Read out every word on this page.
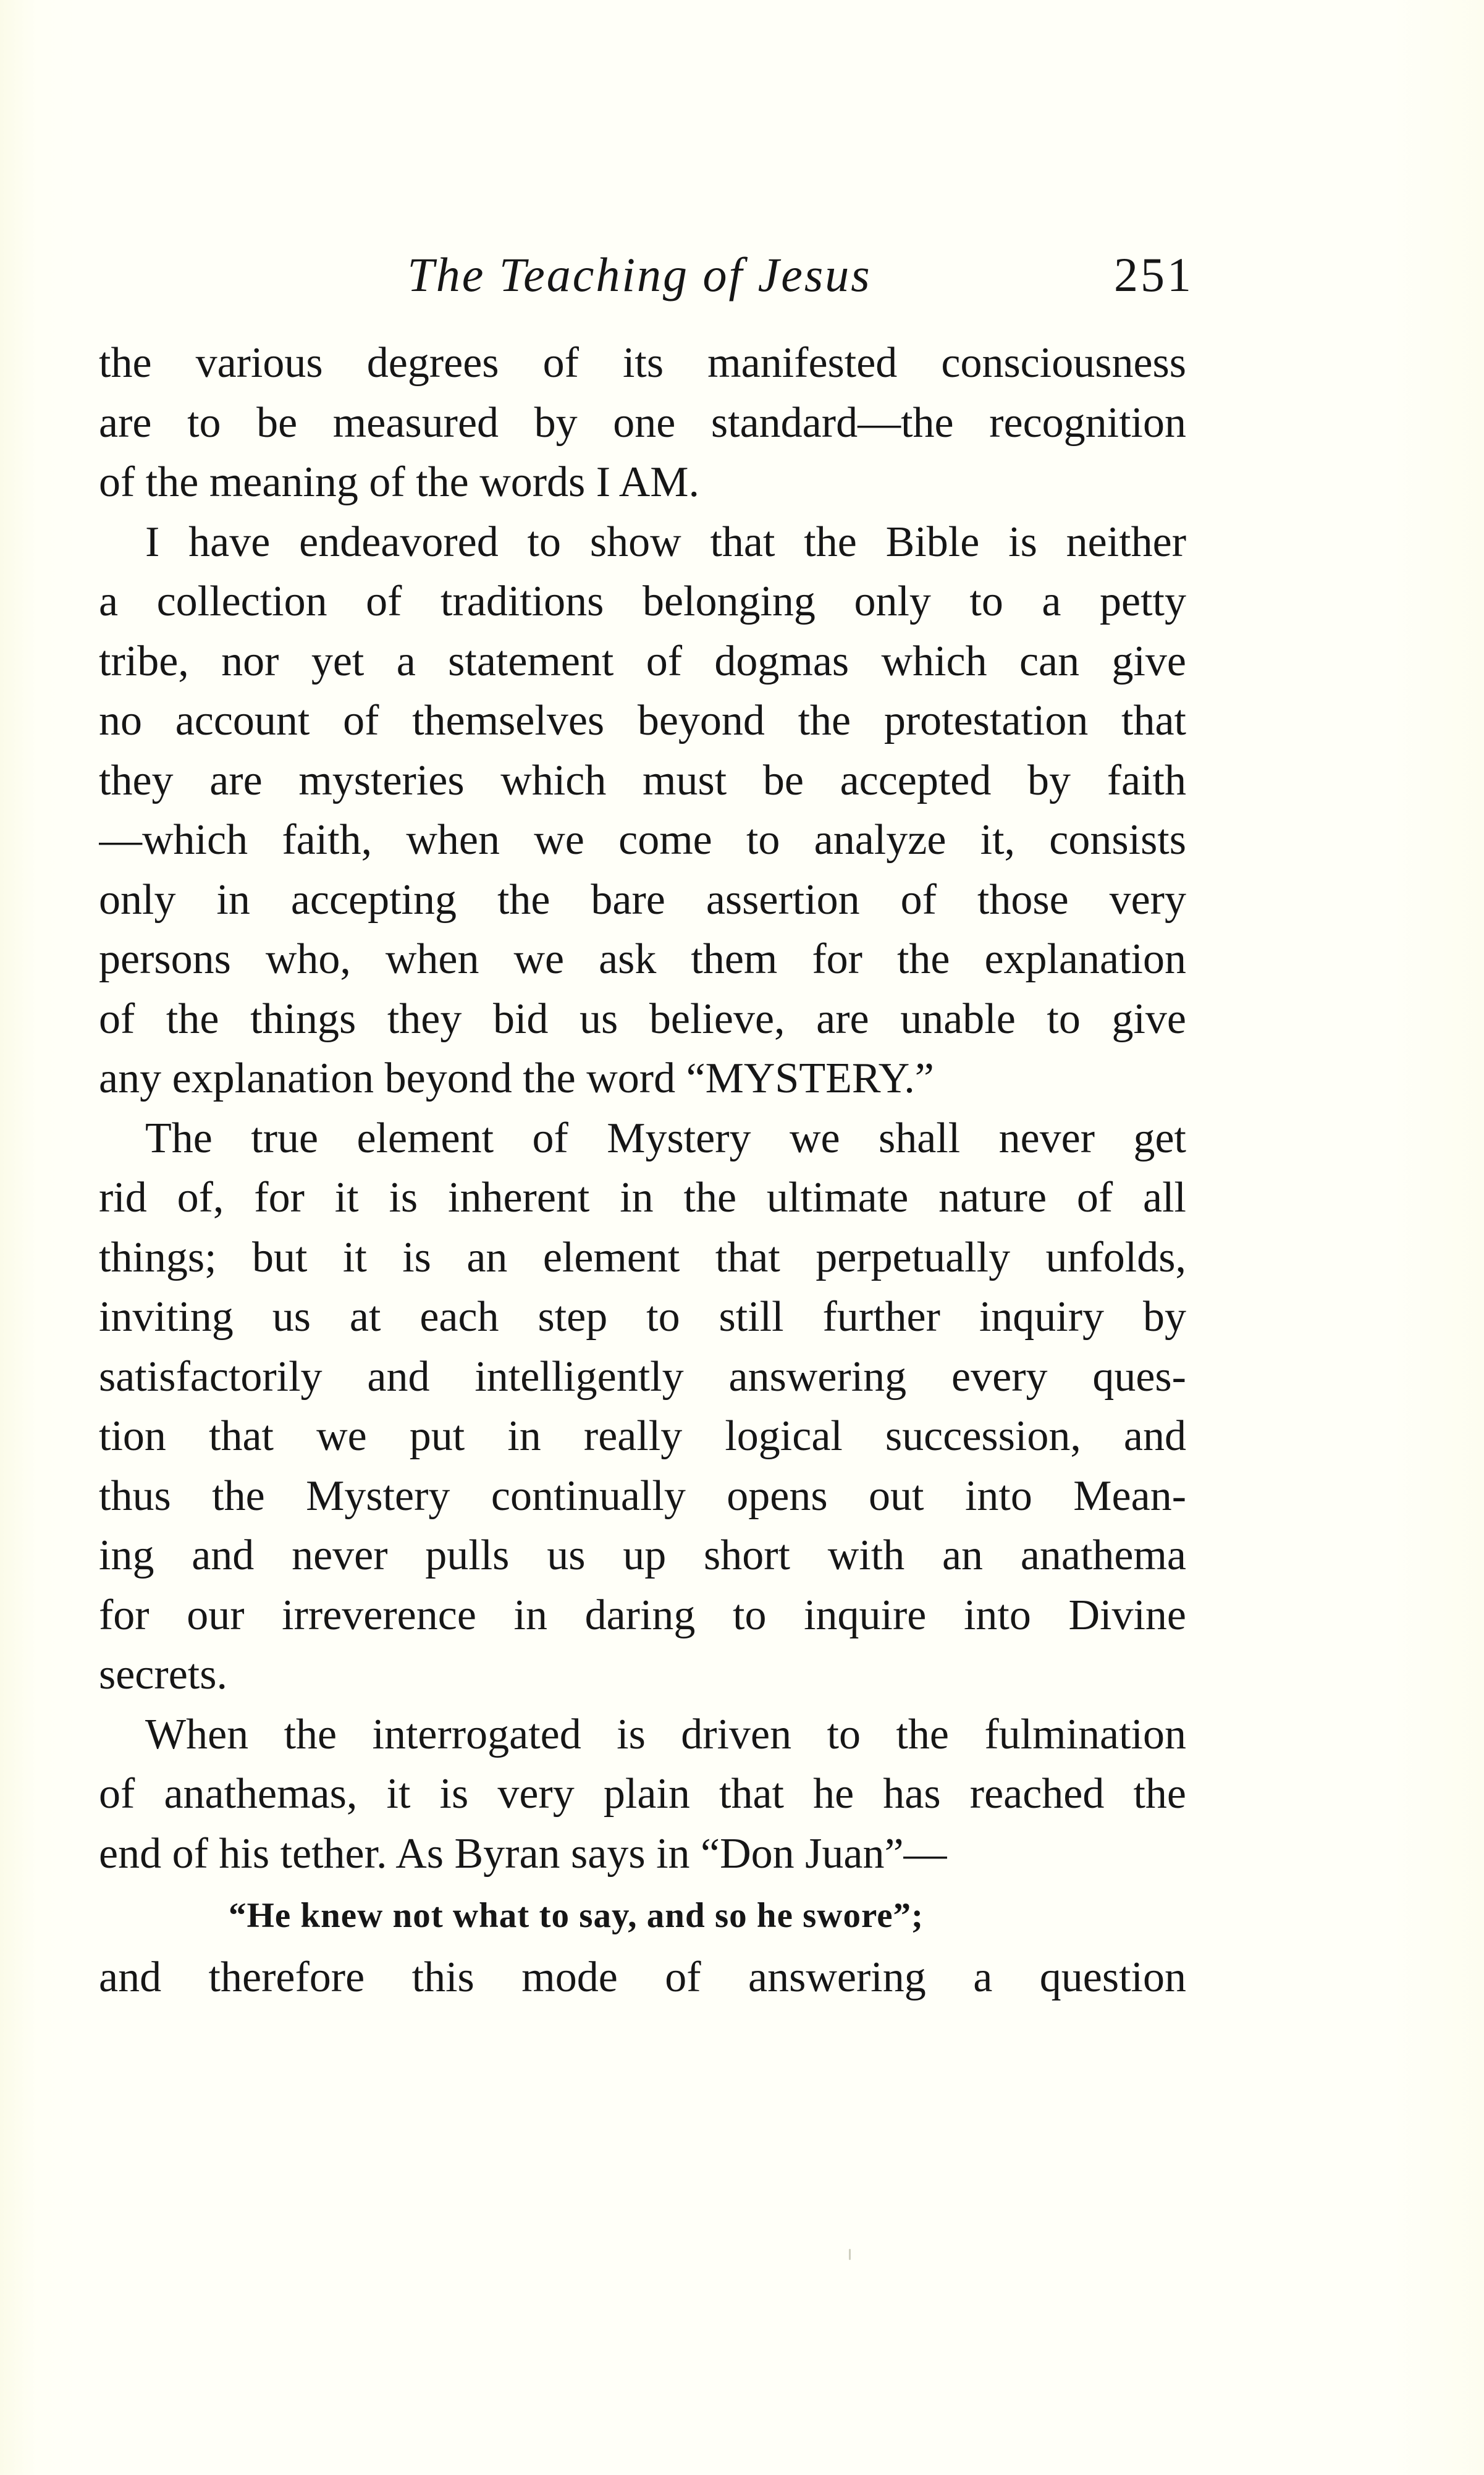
The Teaching of Jesus	251
the various degrees of its manifested consciousness
are to be measured by one standard—the recognition
of the meaning of the words I AM.
I have endeavored to show that the Bible is neither
a collection of traditions belonging only to a petty
tribe, nor yet a statement of dogmas which can give
no account of themselves beyond the protestation that
they are mysteries which must be accepted by faith
—which faith, when we come to analyze it, consists
only in accepting the bare assertion of those very
persons who, when we ask them for the explanation
of the things they bid us believe, are unable to give
any explanation beyond the word “MYSTERY.”
The true element of Mystery we shall never get
rid of, for it is inherent in the ultimate nature of all
things; but it is an element that perpetually unfolds,
inviting us at each step to still further inquiry by
satisfactorily and intelligently answering every ques-
tion that we put in really logical succession, and
thus the Mystery continually opens out into Mean-
ing and never pulls us up short with an anathema
for our irreverence in daring to inquire into Divine
secrets.
When the interrogated is driven to the fulmination
of anathemas, it is very plain that he has reached the
end of his tether. As Byran says in “Don Juan”—
“He knew not what to say, and so he swore”;
and therefore this mode of answering a question
